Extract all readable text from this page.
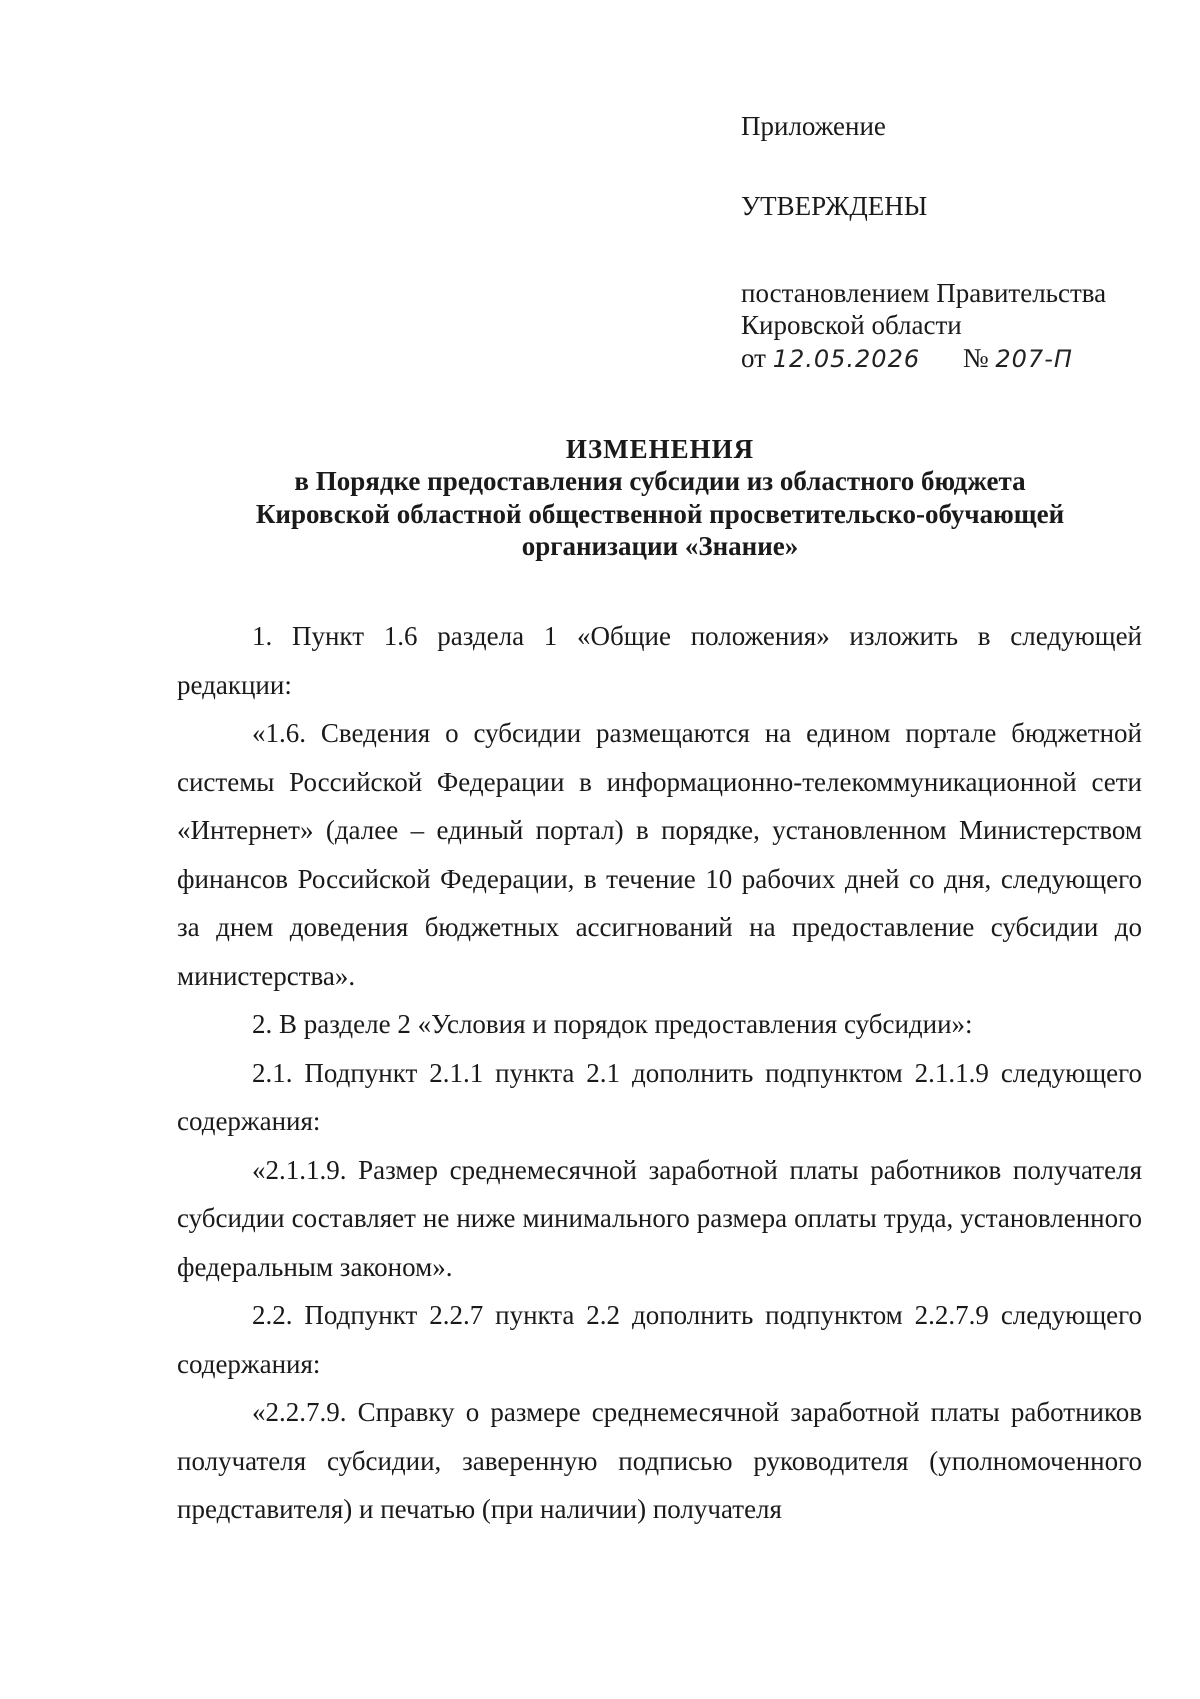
Приложение
УТВЕРЖДЕНЫ
постановлением Правительства
Кировской области
от 12.05.2026 № 207-П
ИЗМЕНЕНИЯ
в Порядке предоставления субсидии из областного бюджета
Кировской областной общественной просветительско-обучающей
организации «Знание»

1. Пункт 1.6 раздела 1 «Общие положения» изложить в следующей редакции:

«1.6. Сведения о субсидии размещаются на едином портале бюджетной системы Российской Федерации в информационно-телекоммуникационной сети «Интернет» (далее – единый портал) в порядке, установленном Министерством финансов Российской Федерации, в течение 10 рабочих дней со дня, следующего за днем доведения бюджетных ассигнований на предоставление субсидии до министерства».

2. В разделе 2 «Условия и порядок предоставления субсидии»:

2.1. Подпункт 2.1.1 пункта 2.1 дополнить подпунктом 2.1.1.9 следующего содержания:

«2.1.1.9. Размер среднемесячной заработной платы работников получателя субсидии составляет не ниже минимального размера оплаты труда, установленного федеральным законом».

2.2. Подпункт 2.2.7 пункта 2.2 дополнить подпунктом 2.2.7.9 следующего содержания:

«2.2.7.9. Справку о размере среднемесячной заработной платы работников получателя субсидии, заверенную подписью руководителя (уполномоченного представителя) и печатью (при наличии) получателя
